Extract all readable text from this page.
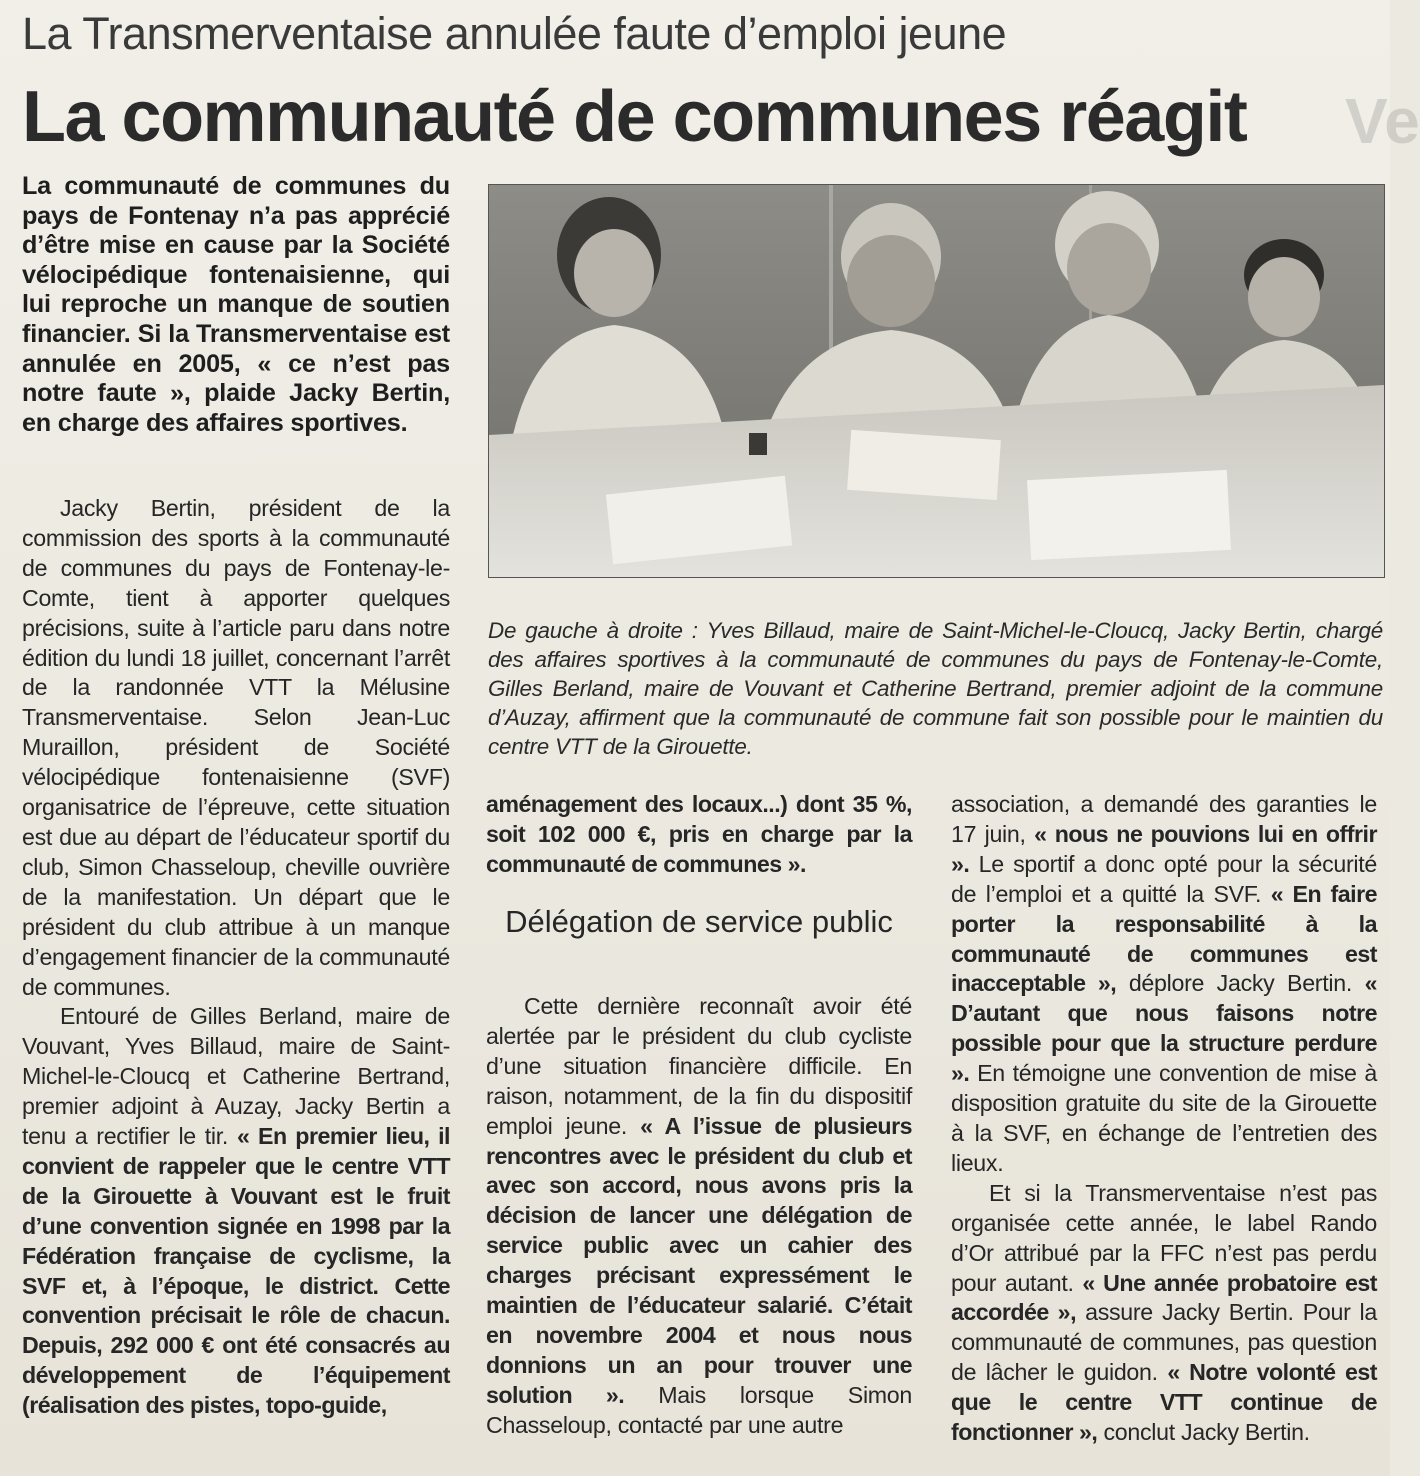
Ve
La Transmerventaise annulée faute d’emploi jeune
La communauté de communes réagit

La communauté de communes du pays de Fontenay n’a pas apprécié d’être mise en cause par la Société vélocipédique fontenaisienne, qui lui reproche un manque de soutien financier. Si la Transmerventaise est annulée en 2005, « ce n’est pas notre faute », plaide Jacky Bertin, en charge des affaires sportives.

Jacky Bertin, président de la commission des sports à la communauté de communes du pays de Fontenay-le-Comte, tient à apporter quelques précisions, suite à l’article paru dans notre édition du lundi 18 juillet, concernant l’arrêt de la randonnée VTT la Mélusine Transmerventaise. Selon Jean-Luc Muraillon, président de Société vélocipédique fontenaisienne (SVF) organisatrice de l’épreuve, cette situation est due au départ de l’éducateur sportif du club, Simon Chasseloup, cheville ouvrière de la manifestation. Un départ que le président du club attribue à un manque d’engagement financier de la communauté de communes.

Entouré de Gilles Berland, maire de Vouvant, Yves Billaud, maire de Saint-Michel-le-Cloucq et Catherine Bertrand, premier adjoint à Auzay, Jacky Bertin a tenu a rectifier le tir. « En premier lieu, il convient de rappeler que le centre VTT de la Girouette à Vouvant est le fruit d’une convention signée en 1998 par la Fédération française de cyclisme, la SVF et, à l’époque, le district. Cette convention précisait le rôle de chacun. Depuis, 292 000 € ont été consacrés au développement de l’équipement (réalisation des pistes, topo-guide,

De gauche à droite : Yves Billaud, maire de Saint-Michel-le-Cloucq, Jacky Bertin, chargé des affaires sportives à la communauté de communes du pays de Fontenay-le-Comte, Gilles Berland, maire de Vouvant et Catherine Bertrand, premier adjoint de la commune d’Auzay, affirment que la communauté de commune fait son possible pour le maintien du centre VTT de la Girouette.

aménagement des locaux...) dont 35 %, soit 102 000 €, pris en charge par la communauté de communes ».

Délégation de service public

Cette dernière reconnaît avoir été alertée par le président du club cycliste d’une situation financière difficile. En raison, notamment, de la fin du dispositif emploi jeune. « A l’issue de plusieurs rencontres avec le président du club et avec son accord, nous avons pris la décision de lancer une délégation de service public avec un cahier des charges précisant expressément le maintien de l’éducateur salarié. C’était en novembre 2004 et nous nous donnions un an pour trouver une solution ». Mais lorsque Simon Chasseloup, contacté par une autre

association, a demandé des garanties le 17 juin, « nous ne pouvions lui en offrir ». Le sportif a donc opté pour la sécurité de l’emploi et a quitté la SVF. « En faire porter la responsabilité à la communauté de communes est inacceptable », déplore Jacky Bertin. « D’autant que nous faisons notre possible pour que la structure perdure ». En témoigne une convention de mise à disposition gratuite du site de la Girouette à la SVF, en échange de l’entretien des lieux.

Et si la Transmerventaise n’est pas organisée cette année, le label Rando d’Or attribué par la FFC n’est pas perdu pour autant. « Une année probatoire est accordée », assure Jacky Bertin. Pour la communauté de communes, pas question de lâcher le guidon. « Notre volonté est que le centre VTT continue de fonctionner », conclut Jacky Bertin.
